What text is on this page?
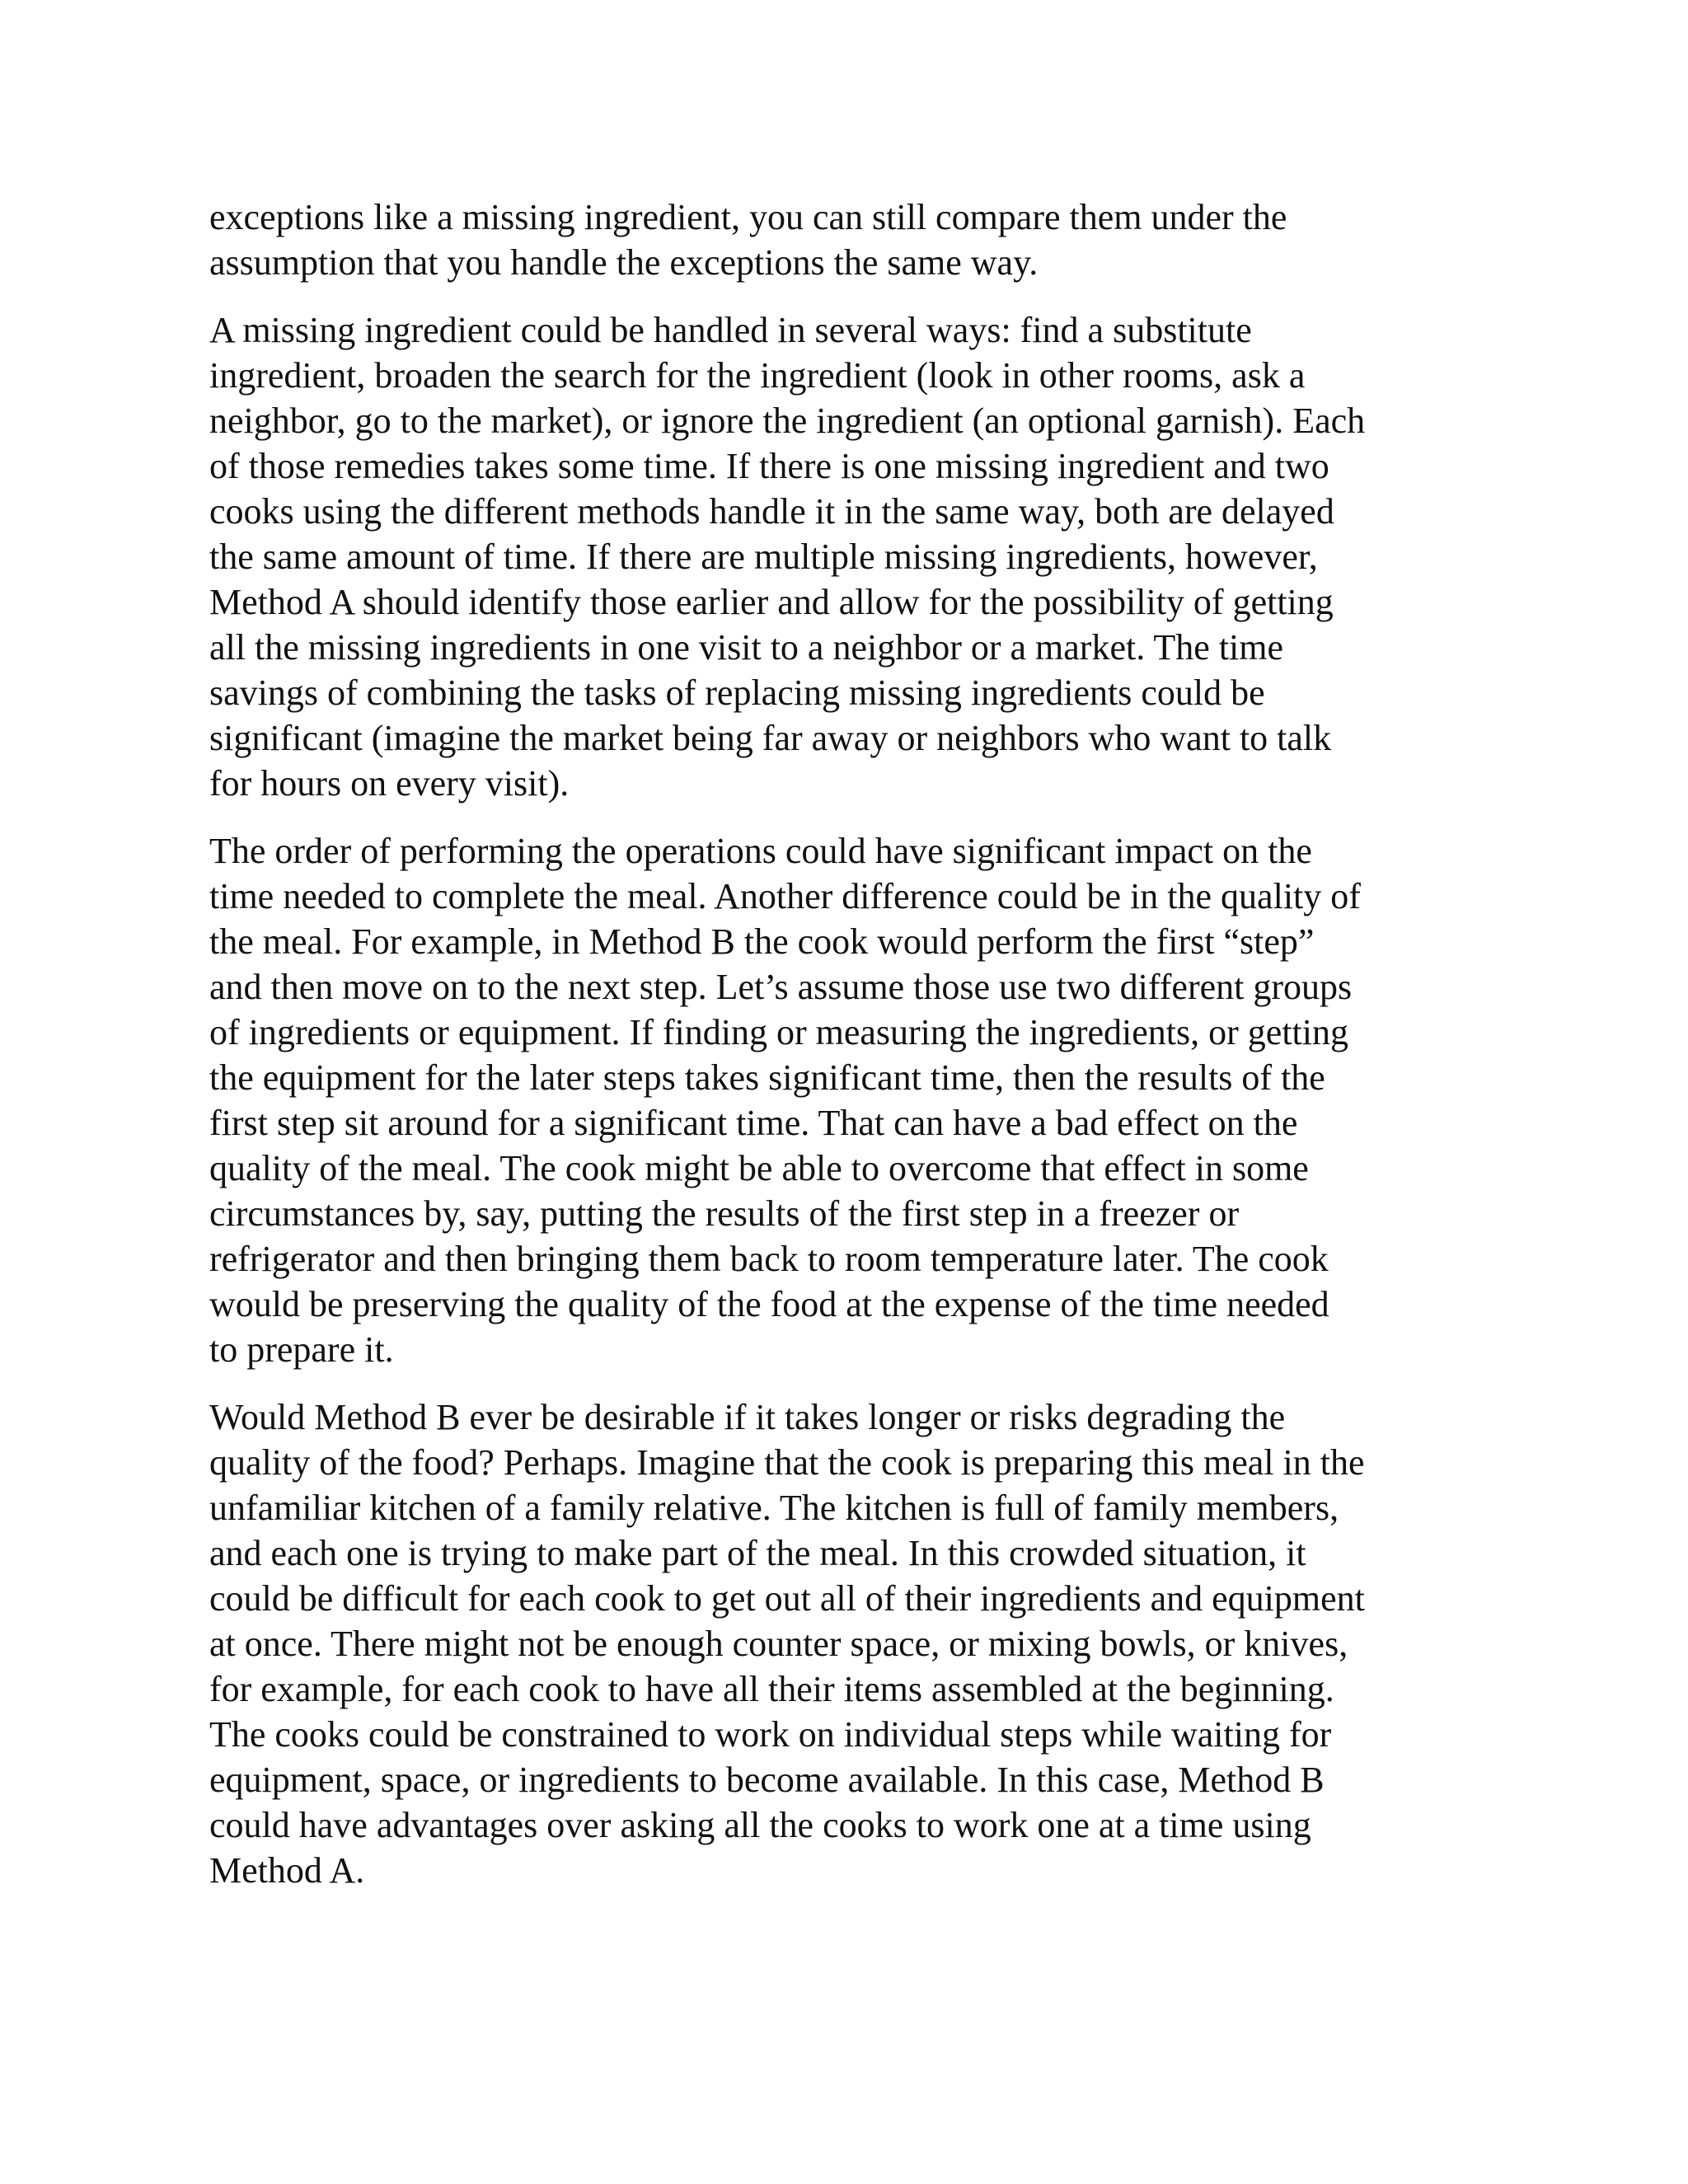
exceptions like a missing ingredient, you can still compare them under the
assumption that you handle the exceptions the same way.
A missing ingredient could be handled in several ways: find a substitute
ingredient, broaden the search for the ingredient (look in other rooms, ask a
neighbor, go to the market), or ignore the ingredient (an optional garnish). Each
of those remedies takes some time. If there is one missing ingredient and two
cooks using the different methods handle it in the same way, both are delayed
the same amount of time. If there are multiple missing ingredients, however,
Method A should identify those earlier and allow for the possibility of getting
all the missing ingredients in one visit to a neighbor or a market. The time
savings of combining the tasks of replacing missing ingredients could be
significant (imagine the market being far away or neighbors who want to talk
for hours on every visit).
The order of performing the operations could have significant impact on the
time needed to complete the meal. Another difference could be in the quality of
the meal. For example, in Method B the cook would perform the first “step”
and then move on to the next step. Let’s assume those use two different groups
of ingredients or equipment. If finding or measuring the ingredients, or getting
the equipment for the later steps takes significant time, then the results of the
first step sit around for a significant time. That can have a bad effect on the
quality of the meal. The cook might be able to overcome that effect in some
circumstances by, say, putting the results of the first step in a freezer or
refrigerator and then bringing them back to room temperature later. The cook
would be preserving the quality of the food at the expense of the time needed
to prepare it.
Would Method B ever be desirable if it takes longer or risks degrading the
quality of the food? Perhaps. Imagine that the cook is preparing this meal in the
unfamiliar kitchen of a family relative. The kitchen is full of family members,
and each one is trying to make part of the meal. In this crowded situation, it
could be difficult for each cook to get out all of their ingredients and equipment
at once. There might not be enough counter space, or mixing bowls, or knives,
for example, for each cook to have all their items assembled at the beginning.
The cooks could be constrained to work on individual steps while waiting for
equipment, space, or ingredients to become available. In this case, Method B
could have advantages over asking all the cooks to work one at a time using
Method A.
